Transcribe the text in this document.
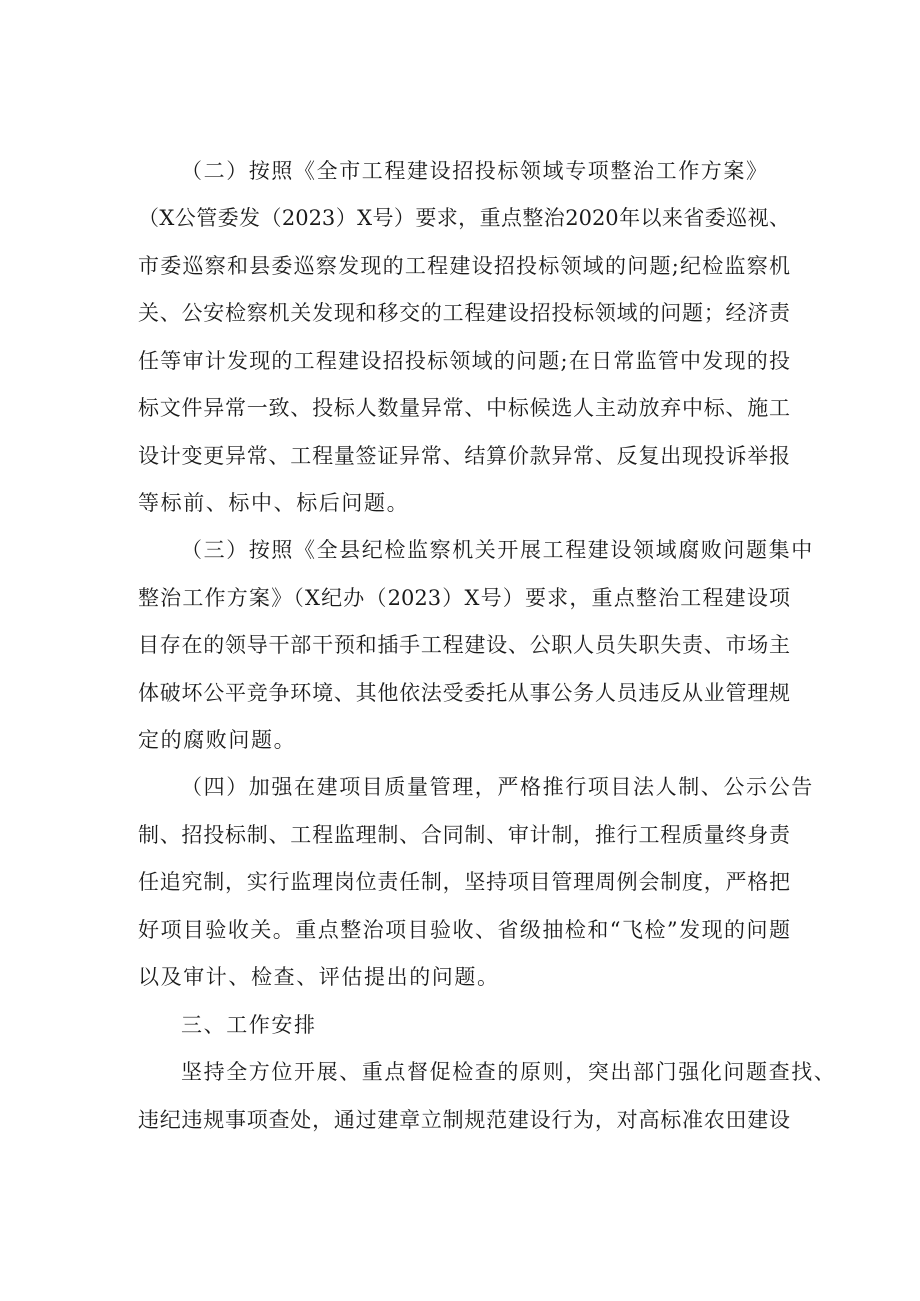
（二）按照《全市工程建设招投标领域专项整治工作方案》

（X公管委发（2023）X号）要求，重点整治2020年以来省委巡视、

市委巡察和县委巡察发现的工程建设招投标领域的问题;纪检监察机

关、公安检察机关发现和移交的工程建设招投标领域的问题；经济责

任等审计发现的工程建设招投标领域的问题;在日常监管中发现的投

标文件异常一致、投标人数量异常、中标候选人主动放弃中标、施工

设计变更异常、工程量签证异常、结算价款异常、反复出现投诉举报

等标前、标中、标后问题。

（三）按照《全县纪检监察机关开展工程建设领域腐败问题集中

整治工作方案》（X纪办（2023）X号）要求，重点整治工程建设项

目存在的领导干部干预和插手工程建设、公职人员失职失责、市场主

体破坏公平竞争环境、其他依法受委托从事公务人员违反从业管理规

定的腐败问题。

（四）加强在建项目质量管理，严格推行项目法人制、公示公告

制、招投标制、工程监理制、合同制、审计制，推行工程质量终身责

任追究制，实行监理岗位责任制，坚持项目管理周例会制度，严格把

好项目验收关。重点整治项目验收、省级抽检和“飞检”发现的问题

以及审计、检查、评估提出的问题。

三、工作安排

坚持全方位开展、重点督促检查的原则，突出部门强化问题查找、

违纪违规事项查处，通过建章立制规范建设行为，对高标准农田建设
